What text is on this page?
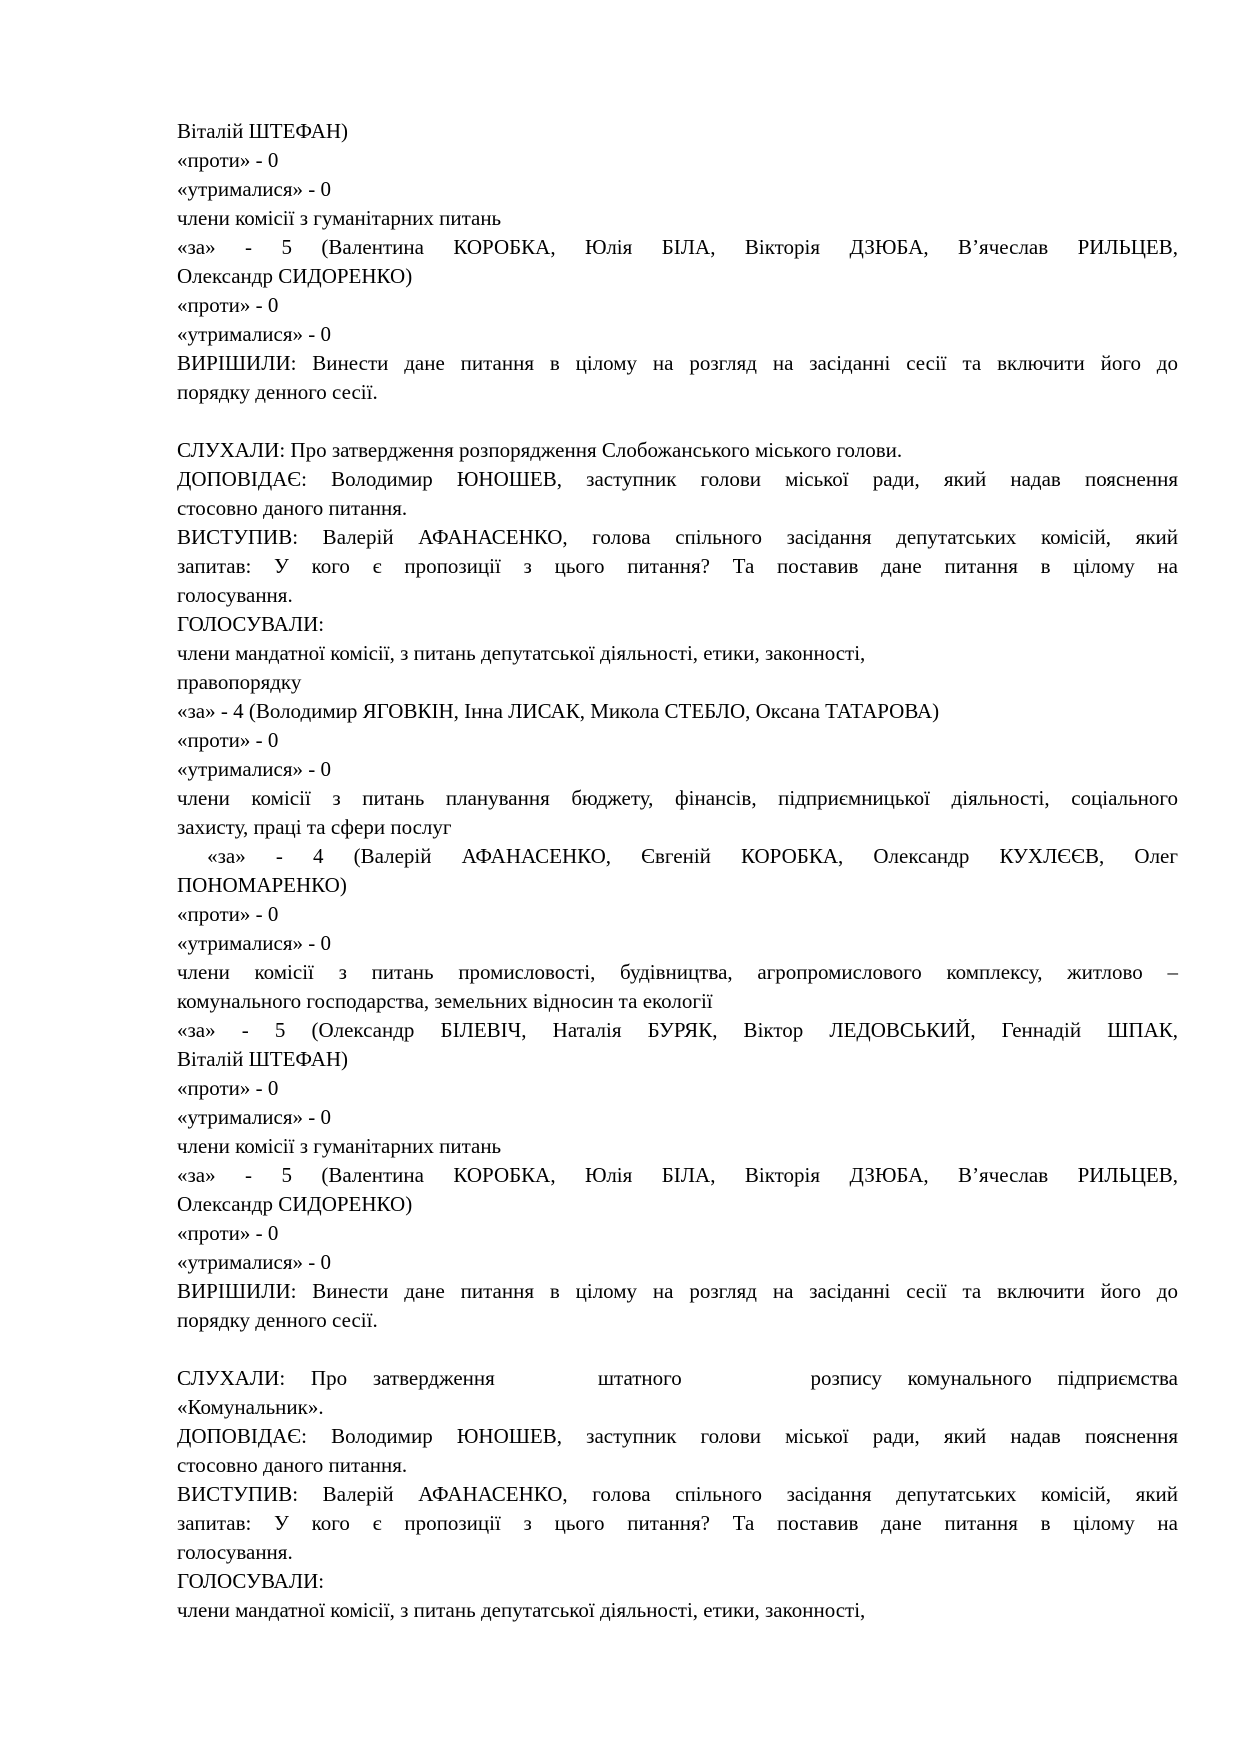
Віталій ШТЕФАН)
«проти» - 0
«утрималися» - 0
члени комісії з гуманітарних питань
«за» - 5 (Валентина КОРОБКА, Юлія БІЛА, Вікторія ДЗЮБА, В’ячеслав РИЛЬЦЕВ,
Олександр СИДОРЕНКО)
«проти» - 0
«утрималися» - 0
ВИРІШИЛИ: Винести дане питання в цілому на розгляд на засіданні сесії та включити його до
порядку денного сесії.

СЛУХАЛИ: Про затвердження розпорядження Слобожанського міського голови.
ДОПОВІДАЄ: Володимир ЮНОШЕВ, заступник голови міської ради, який надав пояснення
стосовно даного питання.
ВИСТУПИВ: Валерій АФАНАСЕНКО, голова спільного засідання депутатських комісій, який
запитав: У кого є пропозиції з цього питання? Та поставив дане питання в цілому на
голосування.
ГОЛОСУВАЛИ:
члени мандатної комісії, з питань депутатської діяльності, етики, законності,
правопорядку
«за» - 4 (Володимир ЯГОВКІН, Інна ЛИСАК, Микола СТЕБЛО, Оксана ТАТАРОВА)
«проти» - 0
«утрималися» - 0
члени комісії з питань планування бюджету, фінансів, підприємницької діяльності, соціального
захисту, праці та сфери послуг
«за» - 4 (Валерій АФАНАСЕНКО, Євгеній КОРОБКА, Олександр КУХЛЄЄВ, Олег
ПОНОМАРЕНКО)
«проти» - 0
«утрималися» - 0
члени комісії з питань промисловості, будівництва, агропромислового комплексу, житлово –
комунального господарства, земельних відносин та екології
«за» - 5 (Олександр БІЛЕВІЧ, Наталія БУРЯК, Віктор ЛЕДОВСЬКИЙ, Геннадій ШПАК,
Віталій ШТЕФАН)
«проти» - 0
«утрималися» - 0
члени комісії з гуманітарних питань
«за» - 5 (Валентина КОРОБКА, Юлія БІЛА, Вікторія ДЗЮБА, В’ячеслав РИЛЬЦЕВ,
Олександр СИДОРЕНКО)
«проти» - 0
«утрималися» - 0
ВИРІШИЛИ: Винести дане питання в цілому на розгляд на засіданні сесії та включити його до
порядку денного сесії.

СЛУХАЛИ: Про затвердження    штатного     розпису комунального підприємства
«Комунальник».
ДОПОВІДАЄ: Володимир ЮНОШЕВ, заступник голови міської ради, який надав пояснення
стосовно даного питання.
ВИСТУПИВ: Валерій АФАНАСЕНКО, голова спільного засідання депутатських комісій, який
запитав: У кого є пропозиції з цього питання? Та поставив дане питання в цілому на
голосування.
ГОЛОСУВАЛИ:
члени мандатної комісії, з питань депутатської діяльності, етики, законності,
